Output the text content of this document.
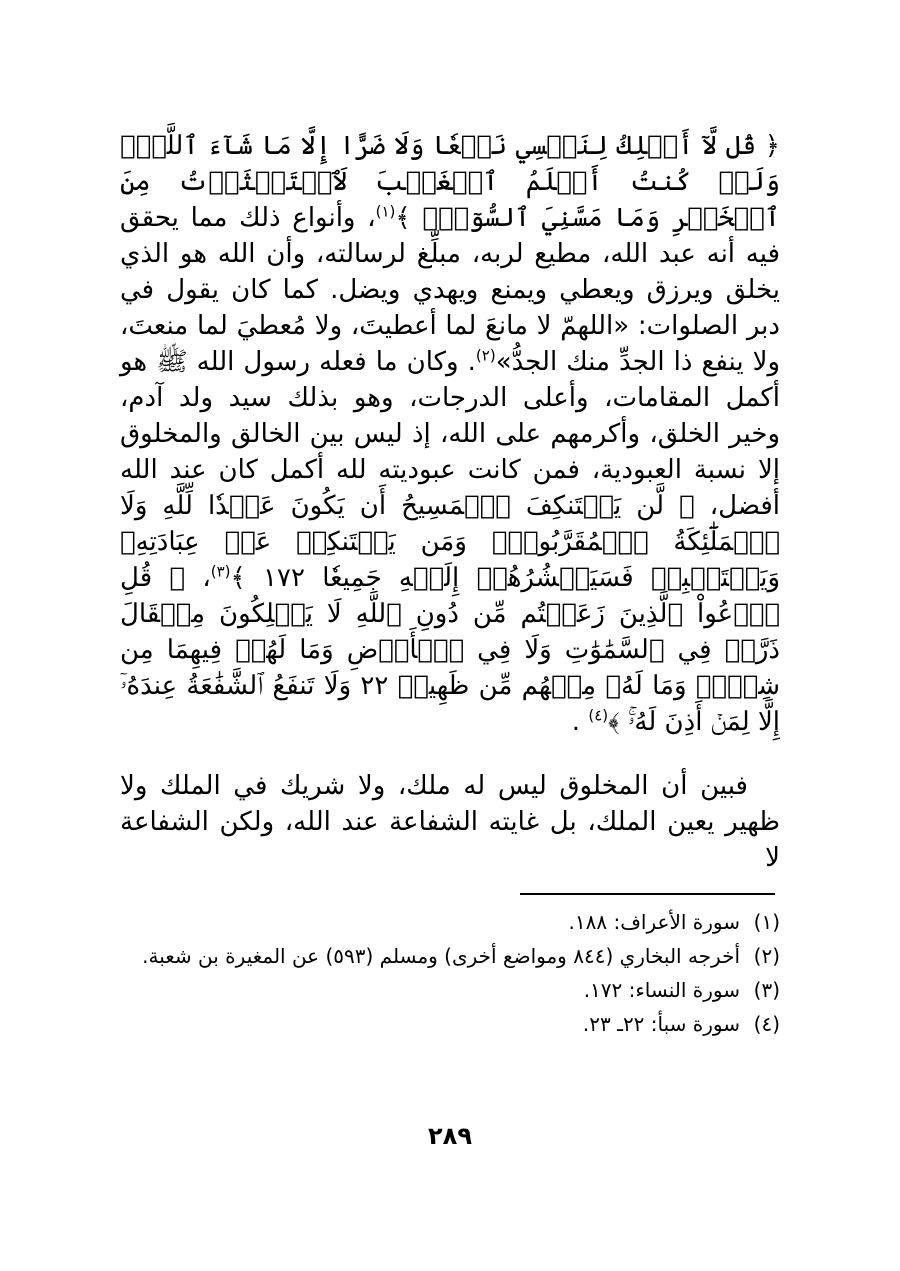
﴿ قُل لَّآ أَمۡلِكُ لِنَفۡسِي نَفۡعٗا وَلَا ضَرًّا إِلَّا مَا شَآءَ ٱللَّهُۚ وَلَوۡ كُنتُ أَعۡلَمُ ٱلۡغَيۡبَ لَٱسۡتَكۡثَرۡتُ مِنَ ٱلۡخَيۡرِ وَمَا مَسَّنِيَ ٱلسُّوٓءُۚ ﴾$^{(١)}$، وأنواع ذلك مما يحقق فيه أنه عبد الله، مطيع لربه، مبلِّغ لرسالته، وأن الله هو الذي يخلق ويرزق ويعطي ويمنع ويهدي ويضل. كما كان يقول في دبر الصلوات: «اللهمّ لا مانعَ لما أعطيتَ، ولا مُعطيَ لما منعتَ، ولا ينفع ذا الجدِّ منك الجدُّ»$^{(٢)}$. وكان ما فعله رسول الله ﷺ هو أكمل المقامات، وأعلى الدرجات، وهو بذلك سيد ولد آدم، وخير الخلق، وأكرمهم على الله، إذ ليس بين الخالق والمخلوق إلا نسبة العبودية، فمن كانت عبوديته لله أكمل كان عند الله أفضل، ﴿ لَّن يَسۡتَنكِفَ ٱلۡمَسِيحُ أَن يَكُونَ عَبۡدٗا لِّلَّهِ وَلَا ٱلۡمَلَٰٓئِكَةُ ٱلۡمُقَرَّبُونَۚ وَمَن يَسۡتَنكِفۡ عَنۡ عِبَادَتِهِۦ وَيَسۡتَكۡبِرۡ فَسَيَحۡشُرُهُمۡ إِلَيۡهِ جَمِيعٗا ١٧٢ ﴾$^{(٣)}$، ﴿ قُلِ ٱدۡعُواْ ٱلَّذِينَ زَعَمۡتُم مِّن دُونِ ٱللَّهِ لَا يَمۡلِكُونَ مِثۡقَالَ ذَرَّةٖ فِي ٱلسَّمَٰوَٰتِ وَلَا فِي ٱلۡأَرۡضِ وَمَا لَهُمۡ فِيهِمَا مِن شِرۡكٖ وَمَا لَهُۥ مِنۡهُم مِّن ظَهِيرٖ ٢٢ وَلَا تَنفَعُ ٱلشَّفَٰعَةُ عِندَهُۥٓ إِلَّا لِمَنۡ أَذِنَ لَهُۥۚ ﴾$^{(٤)}$ .

فبين أن المخلوق ليس له ملك، ولا شريك في الملك ولا ظهير يعين الملك، بل غايته الشفاعة عند الله، ولكن الشفاعة لا

(١)
سورة الأعراف: ١٨٨.
(٢)
أخرجه البخاري (٨٤٤ ومواضع أخرى) ومسلم (٥٩٣) عن المغيرة بن شعبة.
(٣)
سورة النساء: ١٧٢.
(٤)
سورة سبأ: ٢٢ـ ٢٣.
٢٨٩
